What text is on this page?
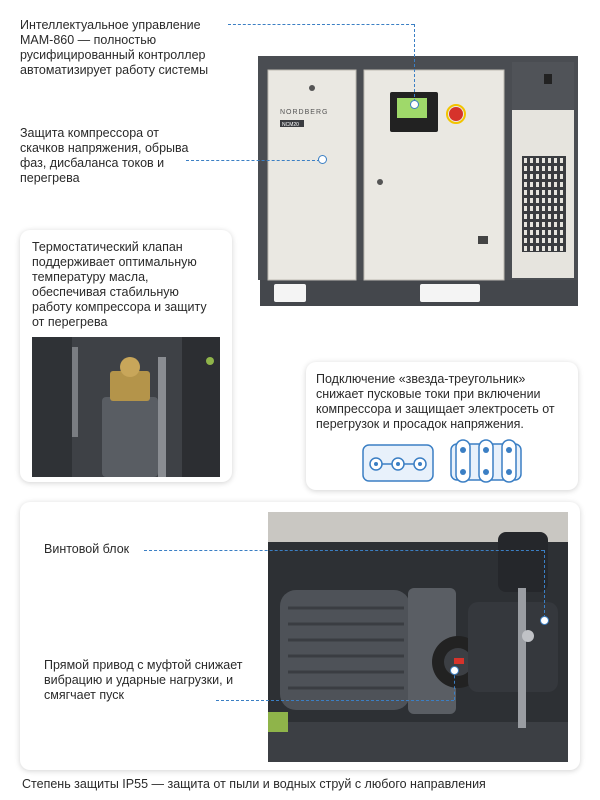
NORDBERG
NCM20
Интеллектуальное управление МАМ-860 — полностью русифицированный контроллер автоматизирует работу системы
Защита компрессора от скачков напряжения, обрыва фаз, дисбаланса токов и перегрева
Термостатический клапан поддерживает оптимальную температуру масла, обеспечивая стабильную работу компрессора и защиту от перегрева
Подключение «звезда-треугольник» снижает пусковые токи при включении компрессора и защищает электросеть от перегрузок и просадок напряжения.
Винтовой блок
Прямой привод с муфтой снижает вибрацию и ударные нагрузки, и смягчает пуск
Степень защиты IP55 — защита от пыли и водных струй с любого направления
